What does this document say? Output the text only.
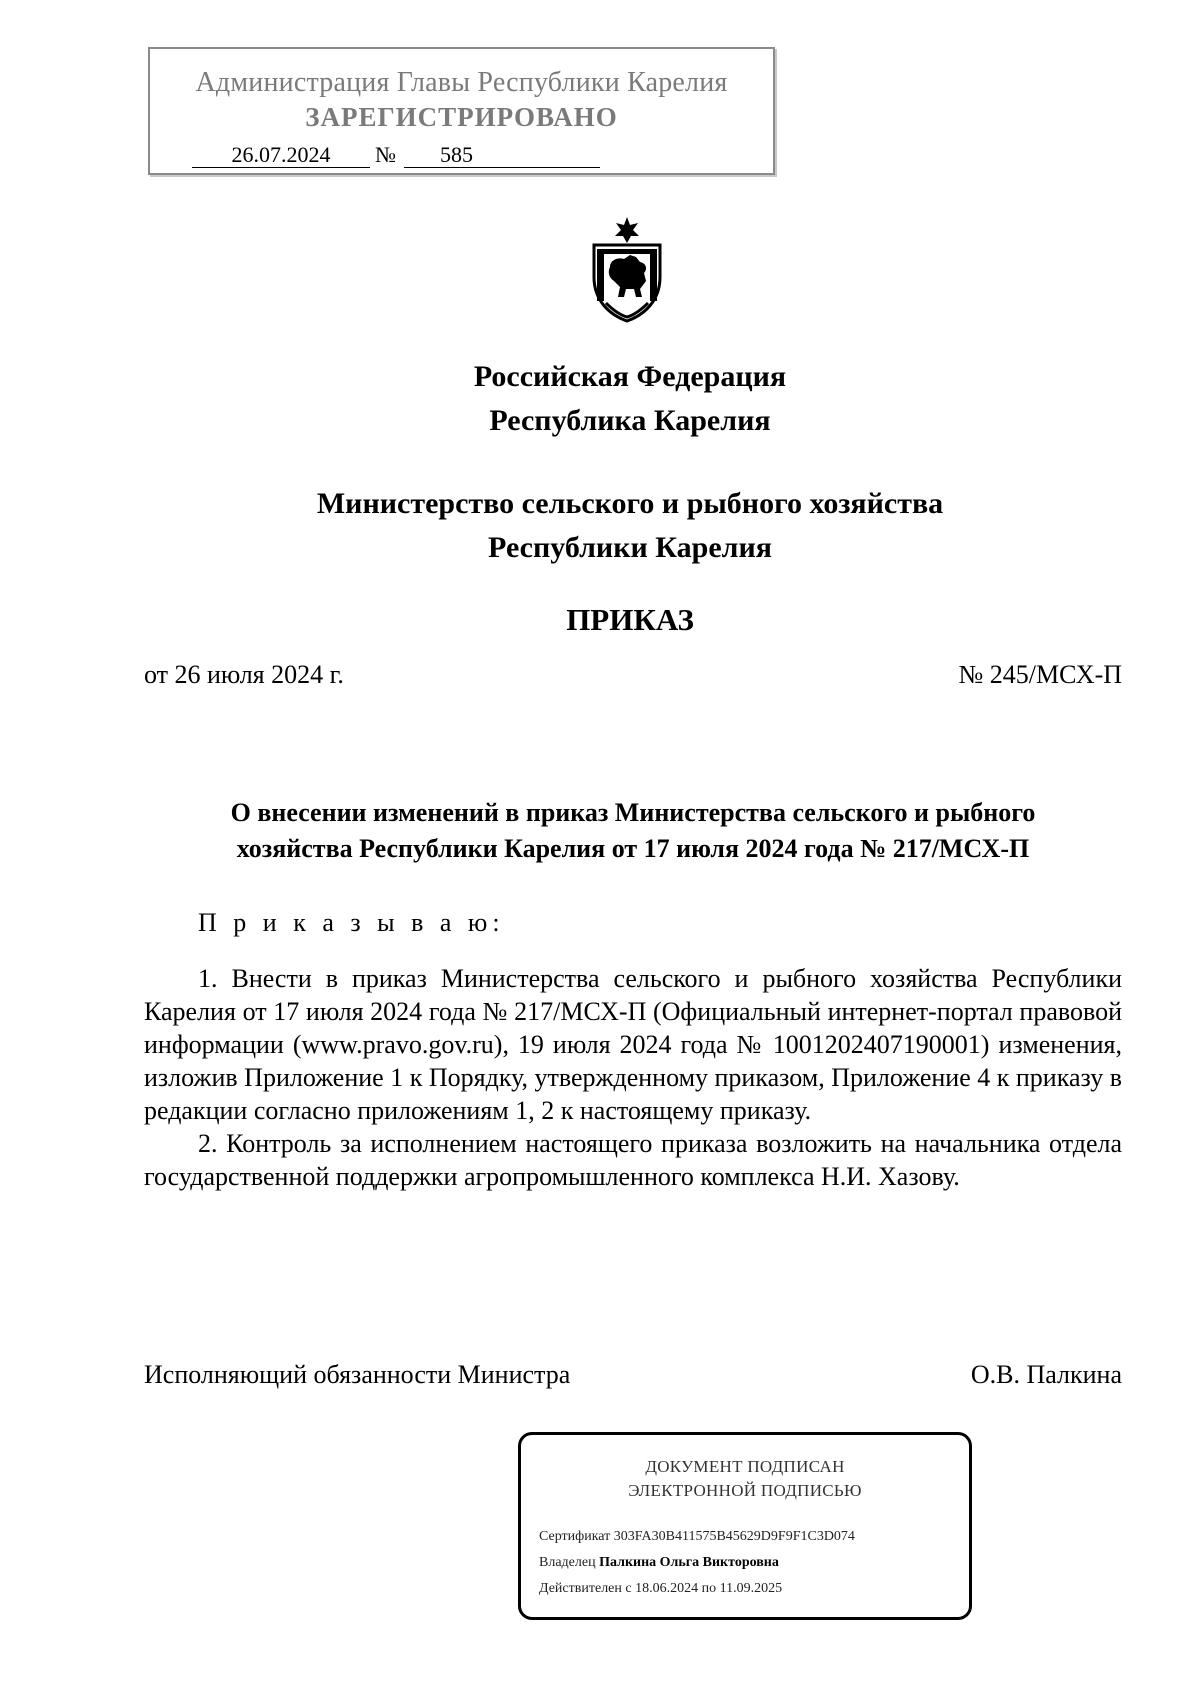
Администрация Главы Республики Карелия
ЗАРЕГИСТРИРОВАНО
26.07.2024	№	585
Российская Федерация
Республика Карелия
Министерство сельского и рыбного хозяйства
Республики Карелия
ПРИКАЗ
от 26 июля 2024 г.	№ 245/МСХ-П
О внесении изменений в приказ Министерства сельского и рыбного
хозяйства Республики Карелия от 17 июля 2024 года № 217/МСХ-П
П р и к а з ы в а ю:

1. Внести в приказ Министерства сельского и рыбного хозяйства Республики Карелия от 17 июля 2024 года № 217/МСХ-П (Официальный интернет-портал правовой информации (www.pravo.gov.ru), 19 июля 2024 года № 1001202407190001) изменения, изложив Приложение 1 к Порядку, утвержденному приказом, Приложение 4 к приказу в редакции согласно приложениям 1, 2 к настоящему приказу.

2. Контроль за исполнением настоящего приказа возложить на начальника отдела государственной поддержки агропромышленного комплекса Н.И. Хазову.

Исполняющий обязанности Министра	О.В. Палкина
ДОКУМЕНТ ПОДПИСАН
ЭЛЕКТРОННОЙ ПОДПИСЬЮ
Сертификат 303FA30B411575B45629D9F9F1C3D074
Владелец Палкина Ольга Викторовна
Действителен с 18.06.2024 по 11.09.2025
